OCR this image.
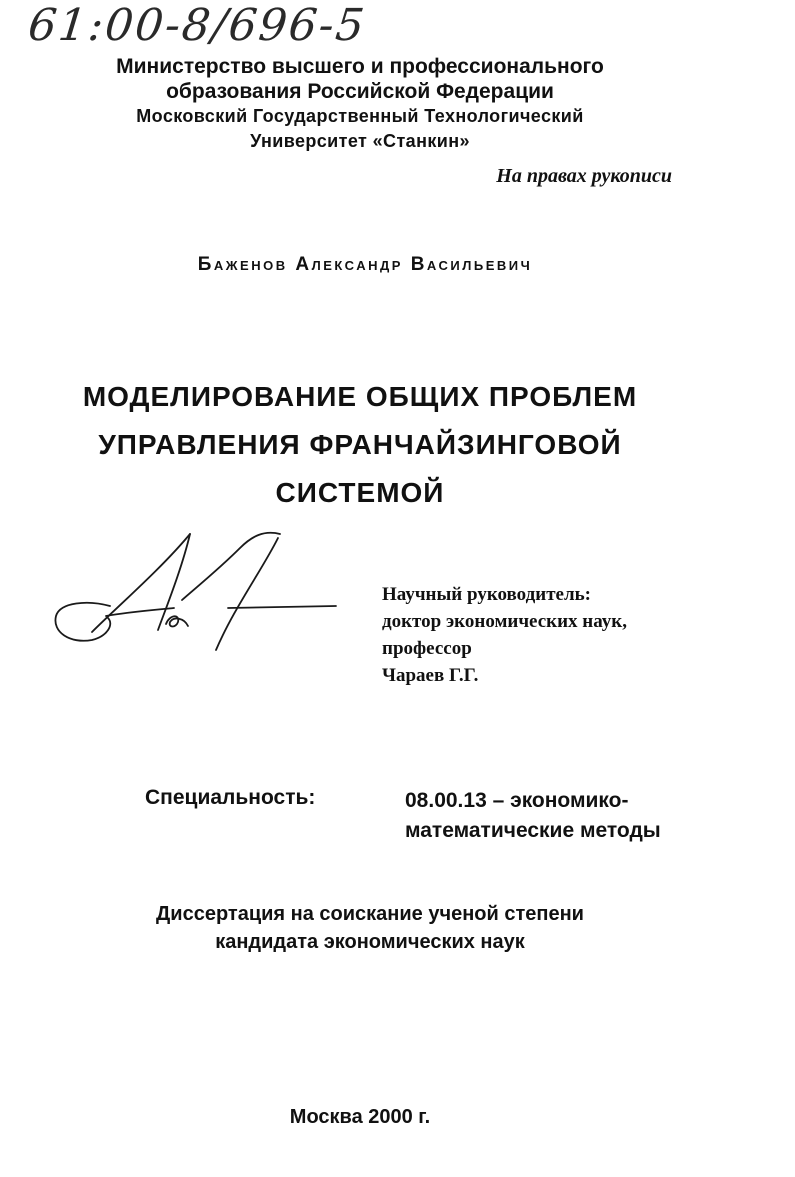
61:00-8/696-5
Министерство высшего и профессионального
образования Российской Федерации
Московский Государственный Технологический
Университет «Станкин»
На правах рукописи
Баженов Александр Васильевич
МОДЕЛИРОВАНИЕ ОБЩИХ ПРОБЛЕМ
УПРАВЛЕНИЯ ФРАНЧАЙЗИНГОВОЙ
СИСТЕМОЙ
Научный руководитель:
доктор экономических наук,
профессор
Чараев Г.Г.
Специальность:	08.00.13 – экономико-
математические методы
Диссертация на соискание ученой степени
кандидата экономических наук
Москва 2000 г.
